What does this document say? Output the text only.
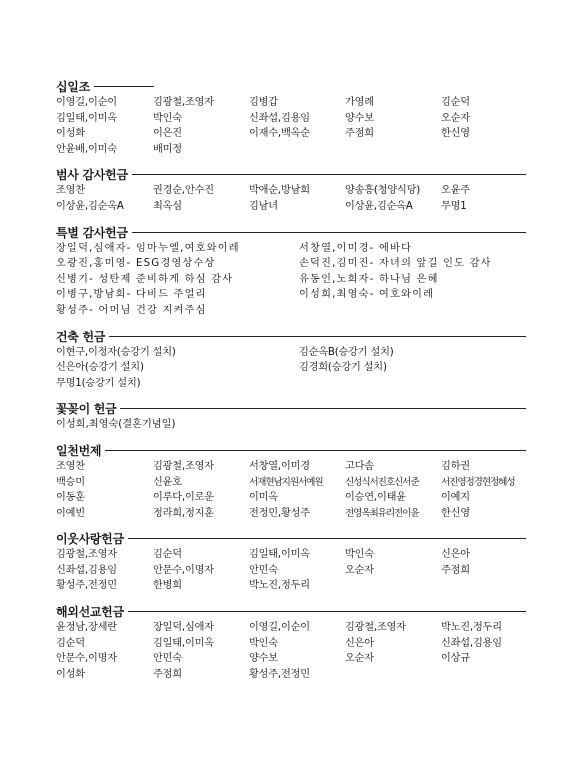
십일조
이영길,이순이	김광철,조영자	김병갑	가영례	김순덕
김일태,이미옥	박인숙	신좌섭,김용임	양수보	오순자
이성화	이은진	이재수,백옥순	주점희	한신영
안윤배,이미숙	배미정
범사 감사헌금
조영찬	권경순,안수진	박애순,방남희	양송흥(청양식당)	오윤주
이상윤,김순옥A	최옥심	김남녀	이상윤,김순옥A	무명1
특별 감사헌금
장일덕,심애자- 임마누엘,여호와이레	서창열,이미경- 에바다
오광진,홍미영- ESG경영상수상	손덕진,김미진- 자녀의 앞길 인도 감사
신병기- 성탄제 준비하게 하심 감사	유동인,노희자- 하나님 은혜
이병구,방남희- 다비드 주얼리	이성희,최영숙- 여호와이레
황성주- 어머님 건강 지켜주심
건축 헌금
이현구,이정자(승강기 설치)	김순옥B(승강기 설치)
신은아(승강기 설치)	김경희(승강기 설치)
무명1(승강기 설치)
꽃꽂이 헌금
이성희,최영숙(결혼기념일)
일천번제
조영찬	김광철,조영자	서창열,이미경	고다솜	김하권
백승미	신윤호	서재현남지원서예원	신성식서진호신서준	서진영정경현정혜성
이동훈	이루다,이로운	이미옥	이승연,이태윤	이예지
이예빈	정라희,정지훈	전정민,황성주	전영옥최유리전이윤	한신영
이웃사랑헌금
김광철,조영자	김순덕	김일태,이미옥	박인숙	신은아
신좌섭,김용임	안문수,이명자	안민숙	오순자	주점희
황성주,전정민	한병희	박노진,정두리
해외선교헌금
윤정남,장세란	장일덕,심애자	이영길,이순이	김광철,조영자	박노진,정두리
김순덕	김일태,이미옥	박인숙	신은아	신좌섭,김용임
안문수,이명자	안민숙	양수보	오순자	이상규
이성화	주점희	황성주,전정민
